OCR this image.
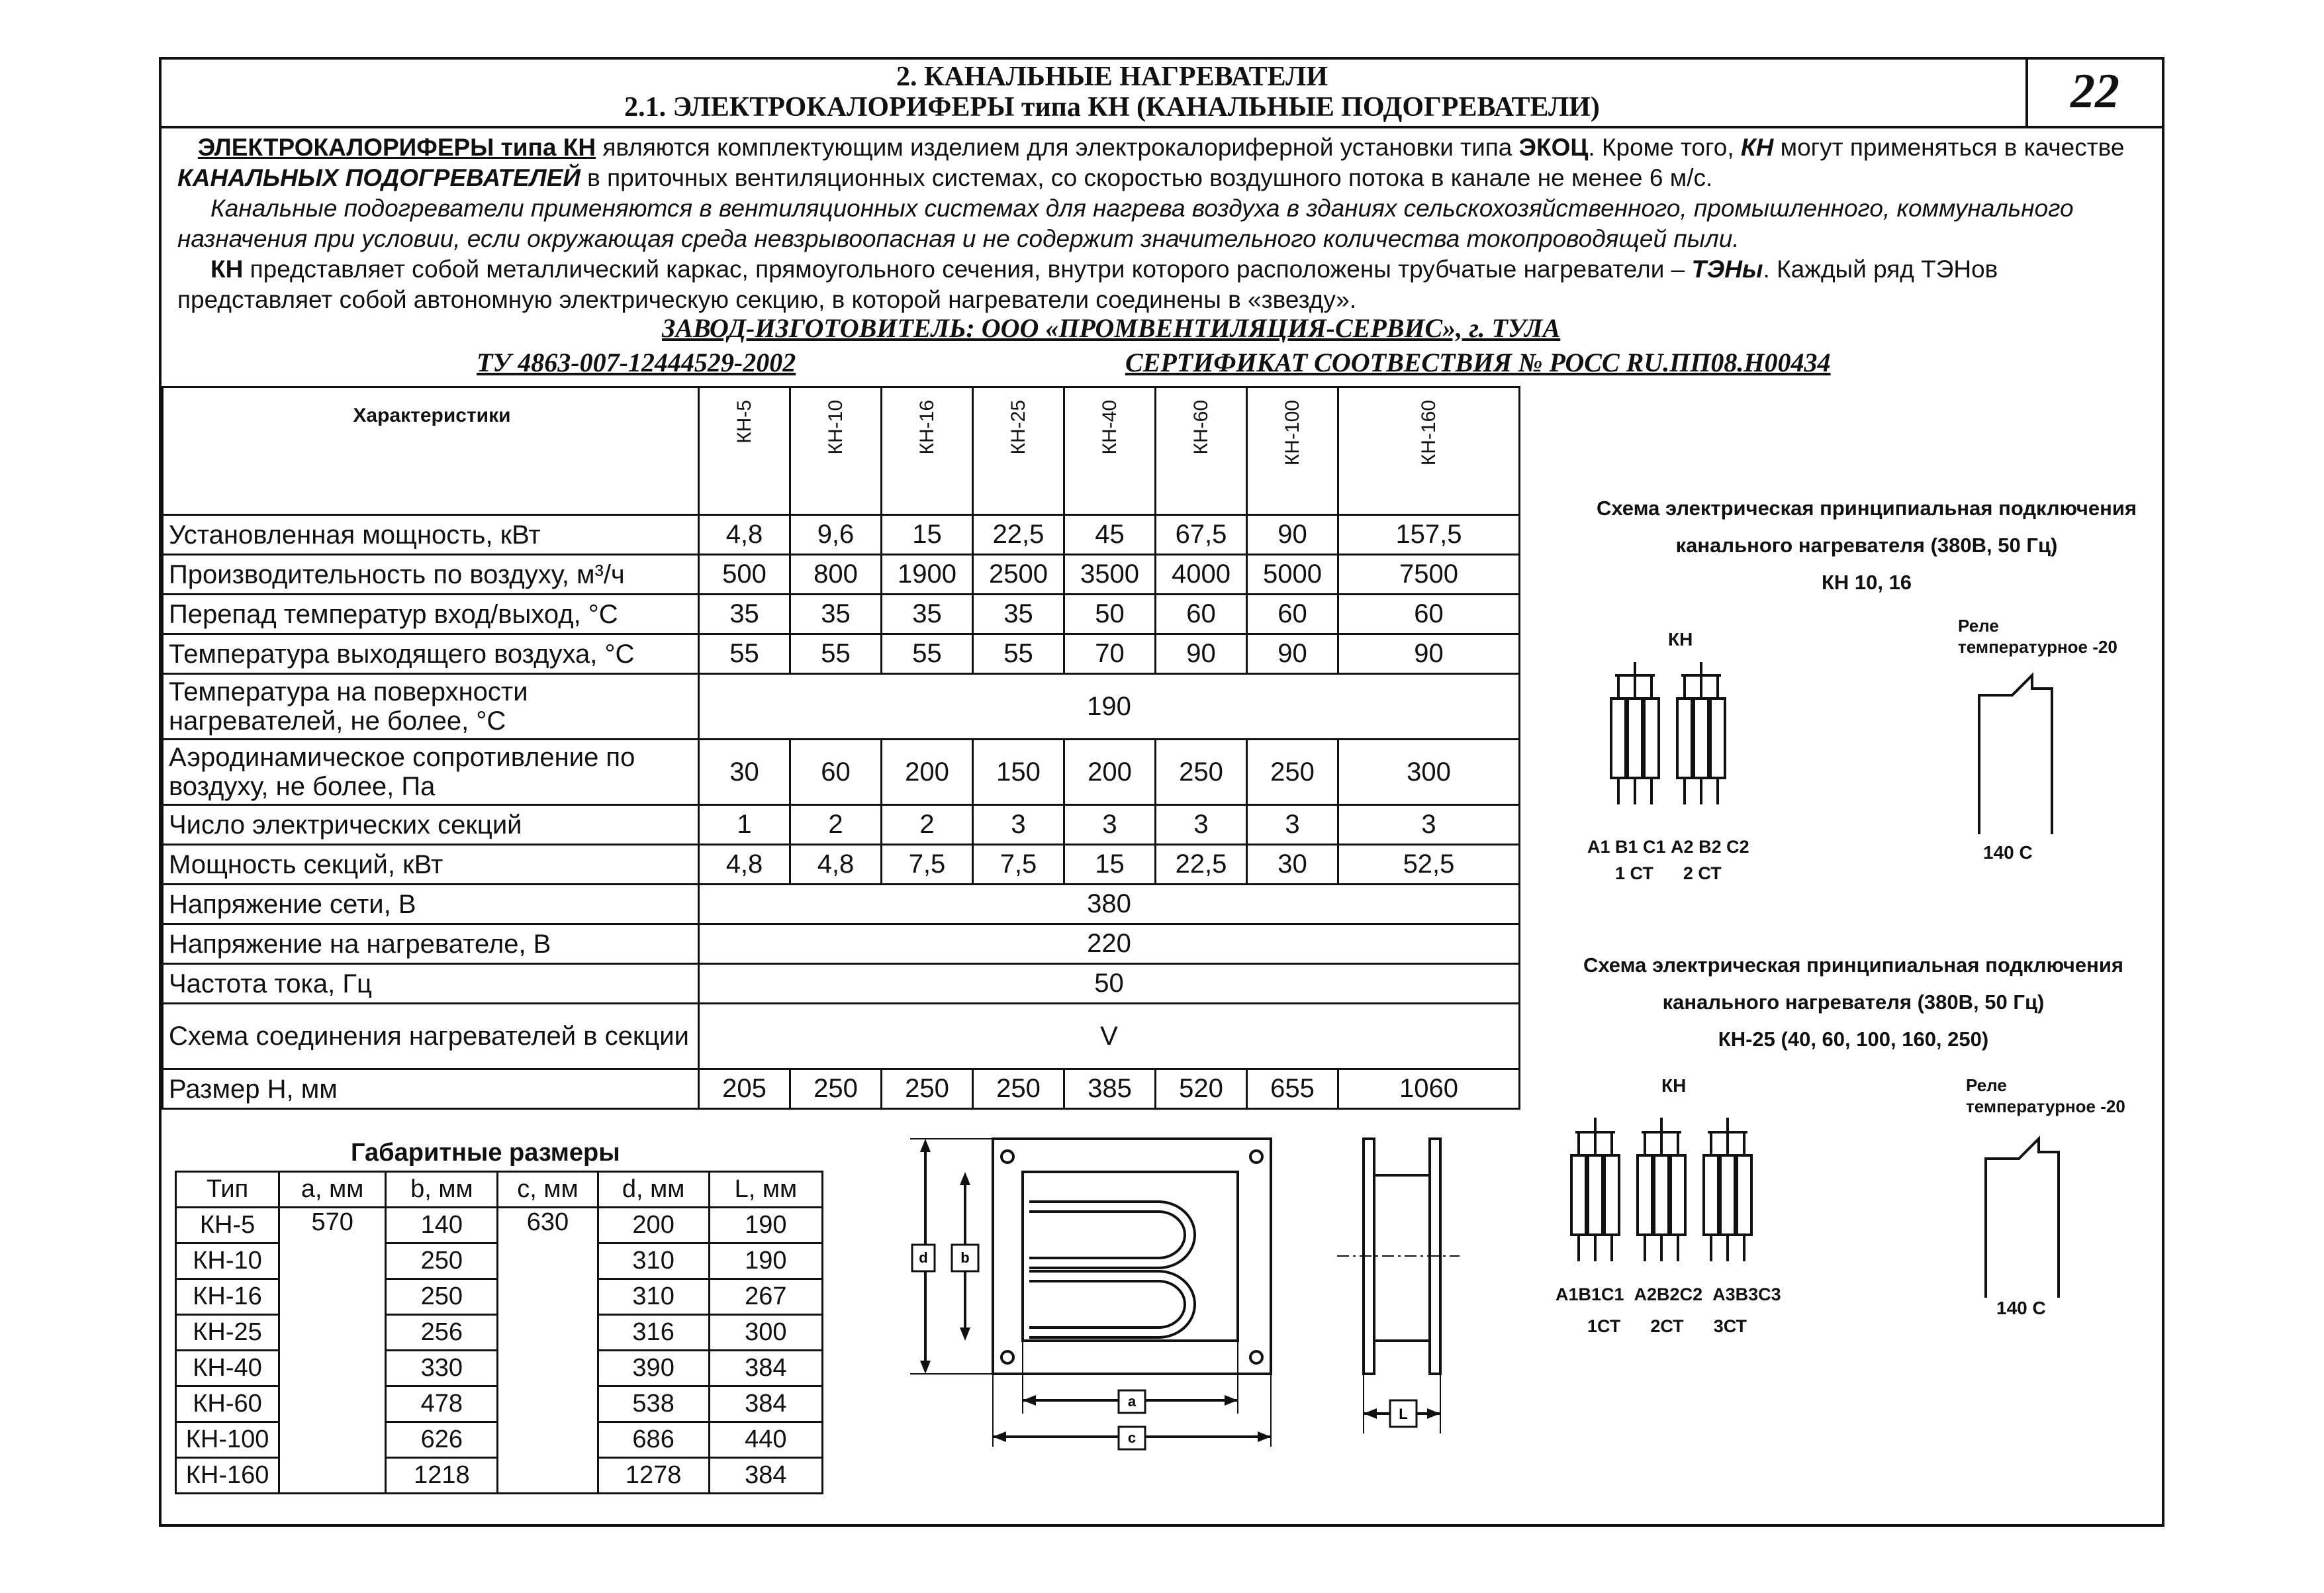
22
2. КАНАЛЬНЫЕ НАГРЕВАТЕЛИ
2.1. ЭЛЕКТРОКАЛОРИФЕРЫ типа КН (КАНАЛЬНЫЕ ПОДОГРЕВАТЕЛИ)

ЭЛЕКТРОКАЛОРИФЕРЫ типа КН являются комплектующим изделием для электрокалориферной установки типа ЭКОЦ. Кроме того, КН могут применяться в качестве КАНАЛЬНЫХ ПОДОГРЕВАТЕЛЕЙ в приточных вентиляционных системах, со скоростью воздушного потока в канале не менее 6 м/с.

Канальные подогреватели применяются в вентиляционных системах для нагрева воздуха в зданиях сельскохозяйственного, промышленного, коммунального назначения при условии, если окружающая среда невзрывоопасная и не содержит значительного количества токопроводящей пыли.

КН представляет собой металлический каркас, прямоугольного сечения, внутри которого расположены трубчатые нагреватели – ТЭНы. Каждый ряд ТЭНов представляет собой автономную электрическую секцию, в которой нагреватели соединены в «звезду».

ЗАВОД-ИЗГОТОВИТЕЛЬ: ООО «ПРОМВЕНТИЛЯЦИЯ-СЕРВИС», г. ТУЛА
ТУ 4863-007-12444529-2002	СЕРТИФИКАТ СООТВЕСТВИЯ № РОСС RU.ПП08.Н00434
Характеристики	КН-5	КН-10	КН-16	КН-25	КН-40	КН-60	КН-100	КН-160
Установленная мощность, кВт	4,8	9,6	15	22,5	45	67,5	90	157,5
Производительность по воздуху, м³/ч	500	800	1900	2500	3500	4000	5000	7500
Перепад температур вход/выход, °С	35	35	35	35	50	60	60	60
Температура выходящего воздуха, °С	55	55	55	55	70	90	90	90
Температура на поверхности нагревателей, не более, °С	190							
Аэродинамическое сопротивление по воздуху, не более, Па	30	60	200	150	200	250	250	300
Число электрических секций	1	2	2	3	3	3	3	3
Мощность секций, кВт	4,8	4,8	7,5	7,5	15	22,5	30	52,5
Напряжение сети, В	380							
Напряжение на нагревателе, В	220							
Частота тока, Гц	50							
Схема соединения нагревателей в секции	V							
Размер Н, мм	205	250	250	250	385	520	655	1060
Схема электрическая принципиальная подключения
канального нагревателя (380В, 50 Гц)
КН 10, 16
КН
Реле
температурное -20
А1 В1 С1 А2 В2 С2
1 СТ      2 СТ
140 С
Схема электрическая принципиальная подключения
канального нагревателя (380В, 50 Гц)
КН-25 (40, 60, 100, 160, 250)
КН	Реле
температурное -20
А1В1С1  А2В2С2  А3В3С3
1СТ      2СТ      3СТ
140 С
Габаритные размеры
Тип	a, мм	b, мм	c, мм	d, мм	L, мм
КН-5	570	140	630	200	190
КН-10		250		310	190
КН-16		250		310	267
КН-25		256		316	300
КН-40		330		390	384
КН-60		478		538	384
КН-100		626		686	440
КН-160		1218		1278	384
d b
a
c
L
